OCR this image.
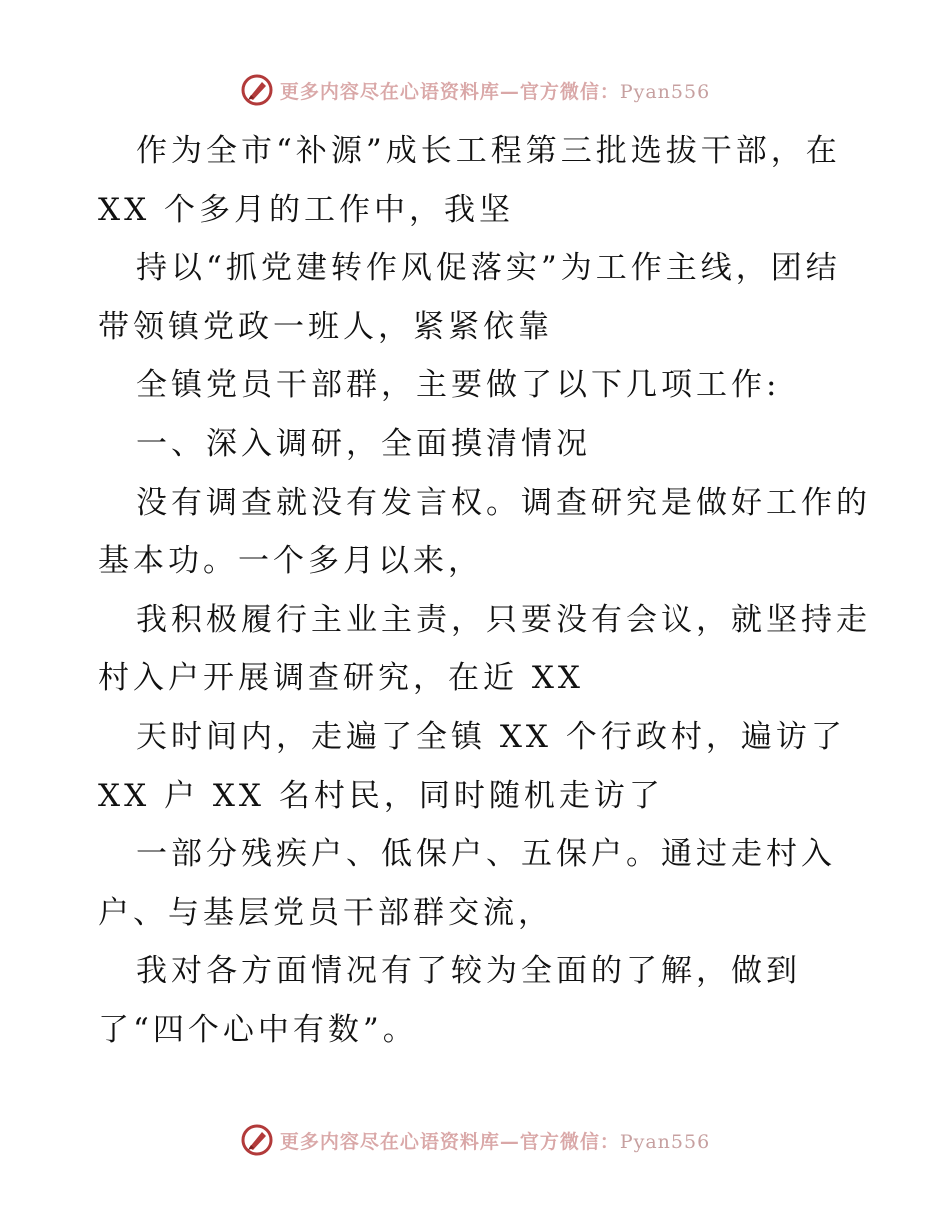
更多内容尽在心语资料库—官方微信：Pyan556
作为全市“补源”成长工程第三批选拔干部，在
XX 个多月的工作中，我坚
持以“抓党建转作风促落实”为工作主线，团结
带领镇党政一班人，紧紧依靠
全镇党员干部群，主要做了以下几项工作:
一、深入调研，全面摸清情况
没有调查就没有发言权。调查研究是做好工作的
基本功。一个多月以来，
我积极履行主业主责，只要没有会议，就坚持走
村入户开展调查研究，在近 XX
天时间内，走遍了全镇 XX 个行政村，遍访了
XX 户 XX 名村民，同时随机走访了
一部分残疾户、低保户、五保户。通过走村入
户、与基层党员干部群交流，
我对各方面情况有了较为全面的了解，做到
了“四个心中有数”。
更多内容尽在心语资料库—官方微信：Pyan556
